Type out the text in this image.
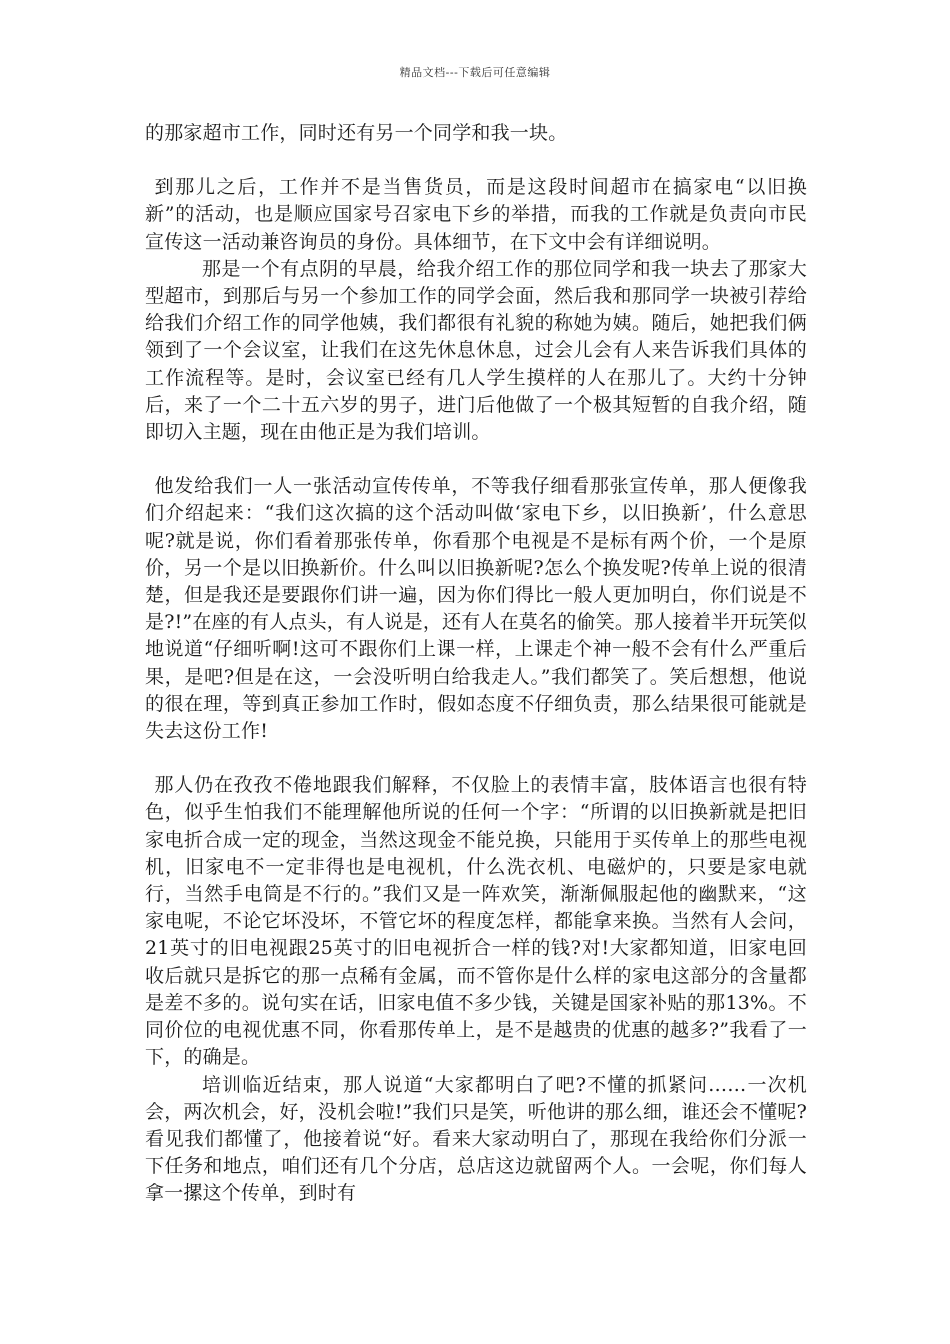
精品文档---下载后可任意编辑

的那家超市工作，同时还有另一个同学和我一块。

到那儿之后，工作并不是当售货员，而是这段时间超市在搞家电“以旧换新”的活动，也是顺应国家号召家电下乡的举措，而我的工作就是负责向市民宣传这一活动兼咨询员的身份。具体细节，在下文中会有详细说明。

那是一个有点阴的早晨，给我介绍工作的那位同学和我一块去了那家大型超市，到那后与另一个参加工作的同学会面，然后我和那同学一块被引荐给给我们介绍工作的同学他姨，我们都很有礼貌的称她为姨。随后，她把我们俩领到了一个会议室，让我们在这先休息休息，过会儿会有人来告诉我们具体的工作流程等。是时，会议室已经有几人学生摸样的人在那儿了。大约十分钟后，来了一个二十五六岁的男子，进门后他做了一个极其短暂的自我介绍，随即切入主题，现在由他正是为我们培训。

他发给我们一人一张活动宣传传单，不等我仔细看那张宣传单，那人便像我们介绍起来：“我们这次搞的这个活动叫做‘家电下乡，以旧换新’，什么意思呢?就是说，你们看着那张传单，你看那个电视是不是标有两个价，一个是原价，另一个是以旧换新价。什么叫以旧换新呢?怎么个换发呢?传单上说的很清楚，但是我还是要跟你们讲一遍，因为你们得比一般人更加明白，你们说是不是?!”在座的有人点头，有人说是，还有人在莫名的偷笑。那人接着半开玩笑似地说道“仔细听啊!这可不跟你们上课一样，上课走个神一般不会有什么严重后果，是吧?但是在这，一会没听明白给我走人。”我们都笑了。笑后想想，他说的很在理，等到真正参加工作时，假如态度不仔细负责，那么结果很可能就是失去这份工作!

那人仍在孜孜不倦地跟我们解释，不仅脸上的表情丰富，肢体语言也很有特色，似乎生怕我们不能理解他所说的任何一个字：“所谓的以旧换新就是把旧家电折合成一定的现金，当然这现金不能兑换，只能用于买传单上的那些电视机，旧家电不一定非得也是电视机，什么洗衣机、电磁炉的，只要是家电就行，当然手电筒是不行的。”我们又是一阵欢笑，渐渐佩服起他的幽默来，“这家电呢，不论它坏没坏，不管它坏的程度怎样，都能拿来换。当然有人会问，21英寸的旧电视跟25英寸的旧电视折合一样的钱?对!大家都知道，旧家电回收后就只是拆它的那一点稀有金属，而不管你是什么样的家电这部分的含量都是差不多的。说句实在话，旧家电值不多少钱，关键是国家补贴的那13%。不同价位的电视优惠不同，你看那传单上，是不是越贵的优惠的越多?”我看了一下，的确是。

培训临近结束，那人说道“大家都明白了吧?不懂的抓紧问……一次机会，两次机会，好，没机会啦!”我们只是笑，听他讲的那么细，谁还会不懂呢?看见我们都懂了，他接着说“好。看来大家动明白了，那现在我给你们分派一下任务和地点，咱们还有几个分店，总店这边就留两个人。一会呢，你们每人拿一摞这个传单，到时有
